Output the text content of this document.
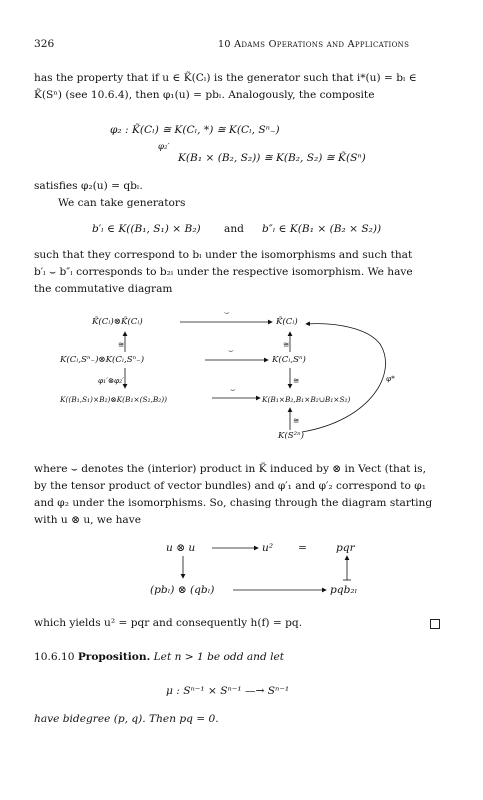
326	10 Adams Operations and Applications
has the property that if u ∈ K̃(Cₗ) is the generator such that i*(u) = bₗ ∈
K̃(Sⁿ) (see 10.6.4), then φ₁(u) = pbₗ. Analogously, the composite
φ₂ : K̃(Cₗ) ≅ K(Cₗ, *) ≅ K(Cₗ, Sⁿ₋)
φ₂′
K(B₁ × (B₂, S₂)) ≅ K(B₂, S₂) ≅ K̃(Sⁿ)
satisfies φ₂(u) = qbₗ.
We can take generators
b′ₗ ∈ K((B₁, S₁) × B₂) and b″ₗ ∈ K(B₁ × (B₂ × S₂))
such that they correspond to bₗ under the isomorphisms and such that
b′ₗ ⌣ b″ₗ corresponds to b₂ₗ under the respective isomorphism. We have
the commutative diagram
K̃(Cₗ)⊗K̃(Cₗ)	K̃(Cₗ)
⌣
≅	≅
K(Cₗ,Sⁿ₋)⊗K(Cₗ,Sⁿ₋)	K(Cₗ,Sⁿ)
⌣
φ₁′⊗φ₂′	≅	φ*
K((B₁,S₁)×B₂)⊗K(B₁×(S₂,B₂))	K(B₁×B₂,B₁×B₂∪B₁×S₂)
⌣
≅
K(S²ⁿ)
where ⌣ denotes the (interior) product in K̃ induced by ⊗ in Vect (that is,
by the tensor product of vector bundles) and φ′₁ and φ′₂ correspond to φ₁
and φ₂ under the isomorphisms. So, chasing through the diagram starting
with u ⊗ u, we have
u ⊗ u	u² =	pqr
(pbₗ) ⊗ (qbₗ)	pqb₂ₗ
which yields u² = pqr and consequently h(f) = pq.
10.6.10 Proposition. Let n > 1 be odd and let
μ : Sⁿ⁻¹ × Sⁿ⁻¹ —→ Sⁿ⁻¹
have bidegree (p, q). Then pq = 0.
